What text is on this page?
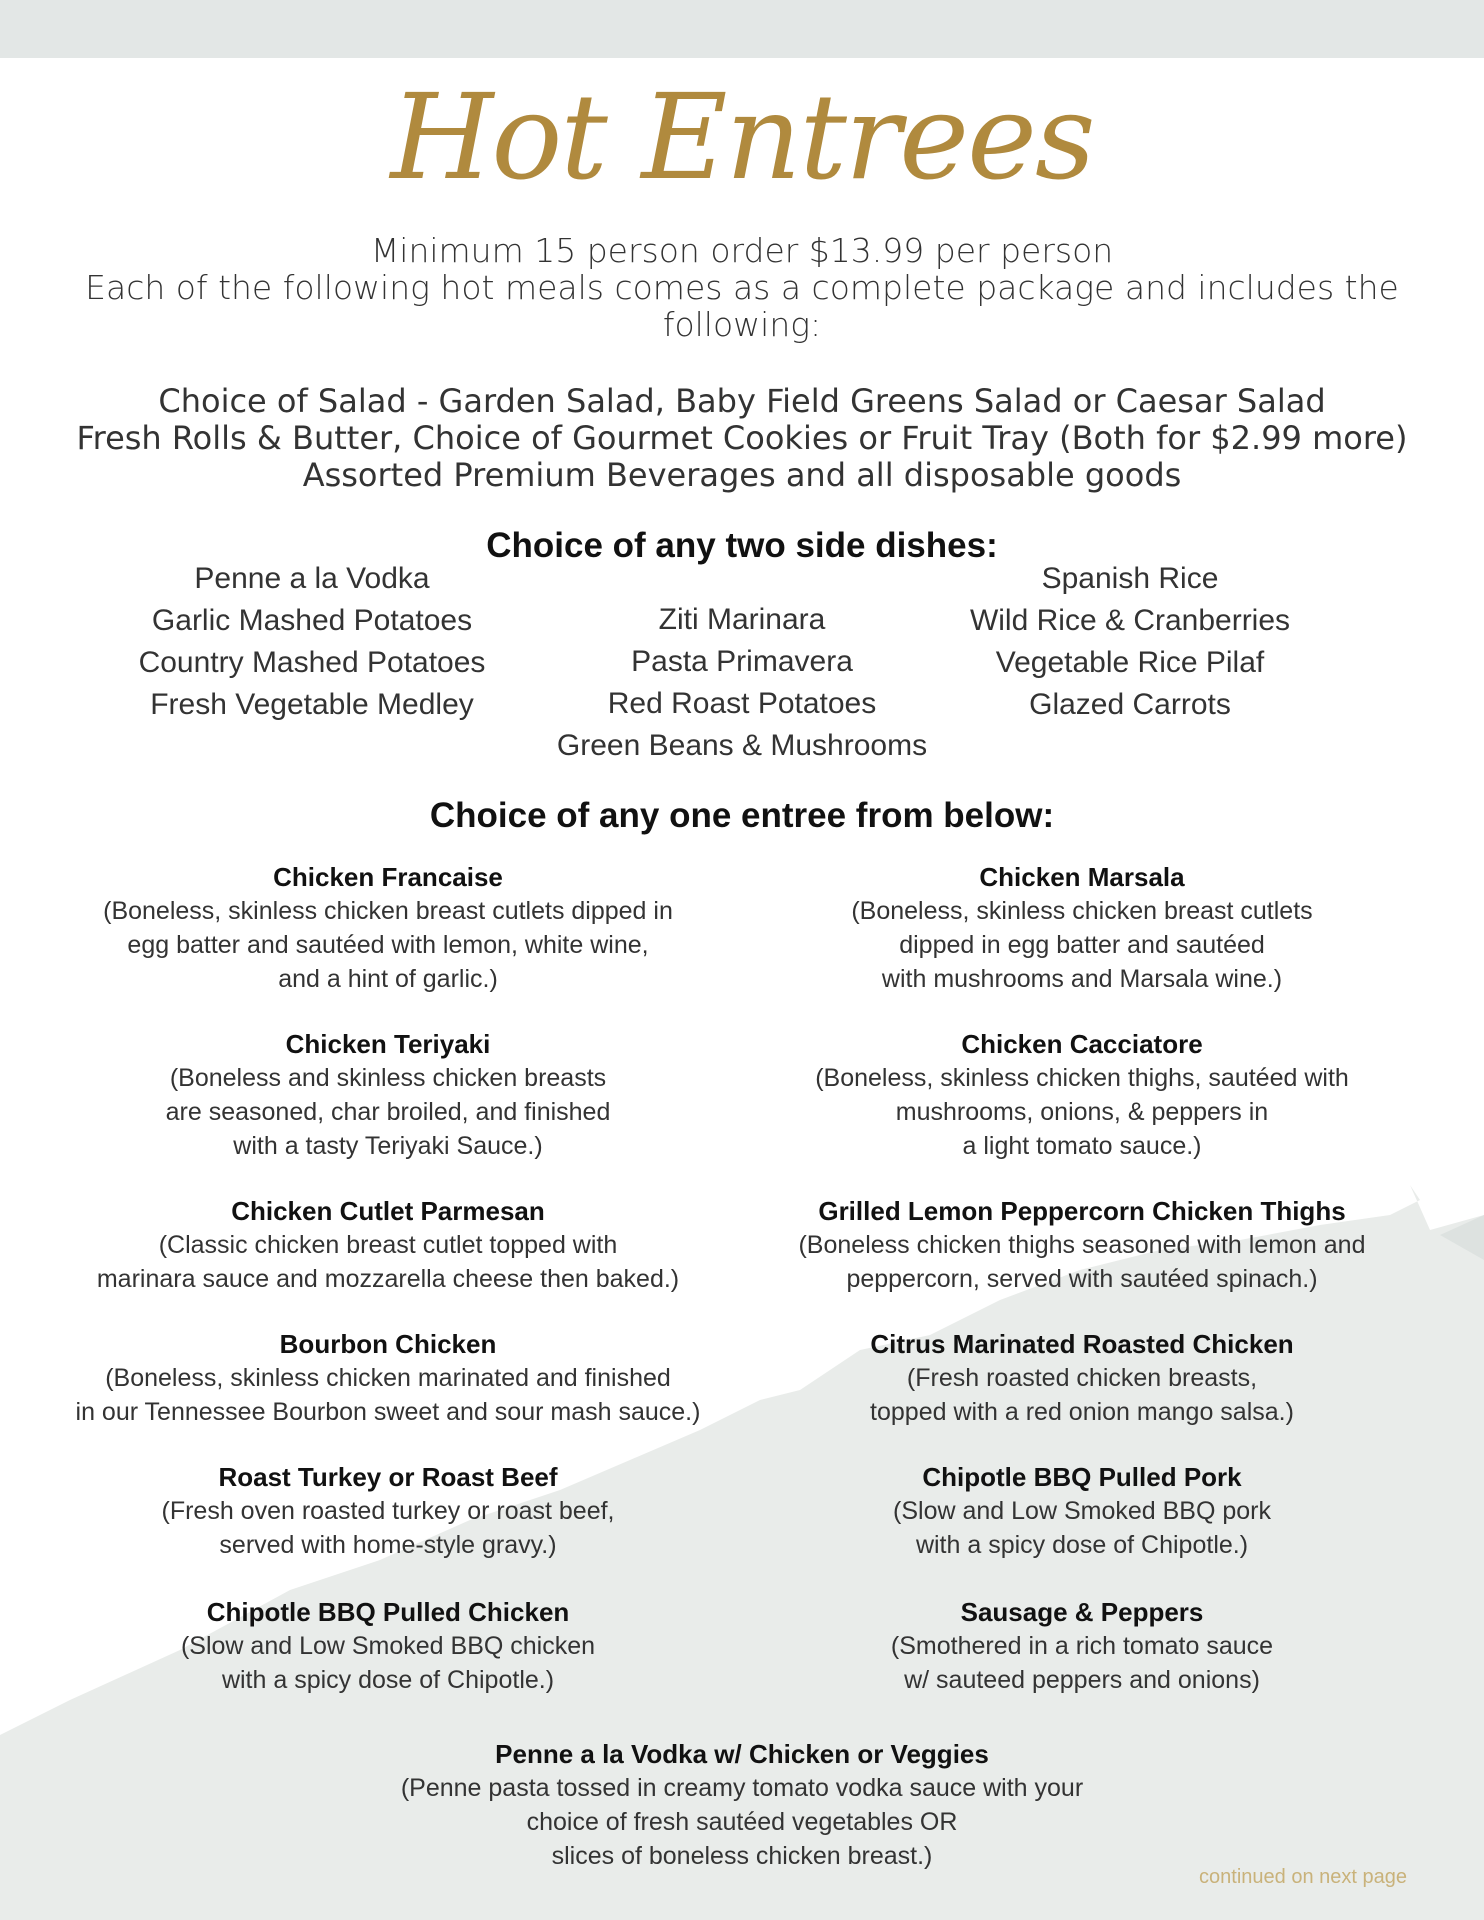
Hot Entrees

Minimum 15 person order $13.99 per person

Each of the following hot meals comes as a complete package and includes the following:

Choice of Salad - Garden Salad, Baby Field Greens Salad or Caesar Salad

Fresh Rolls & Butter, Choice of Gourmet Cookies or Fruit Tray (Both for $2.99 more)

Assorted Premium Beverages and all disposable goods

Choice of any two side dishes:
Penne a la Vodka
Garlic Mashed Potatoes
Country Mashed Potatoes
Fresh Vegetable Medley
Ziti Marinara
Pasta Primavera
Red Roast Potatoes
Green Beans & Mushrooms
Spanish Rice
Wild Rice & Cranberries
Vegetable Rice Pilaf
Glazed Carrots
Choice of any one entree from below:
Chicken Francaise
(Boneless, skinless chicken breast cutlets dipped in
egg batter and sautéed with lemon, white wine,
and a hint of garlic.)
Chicken Teriyaki
(Boneless and skinless chicken breasts
are seasoned, char broiled, and finished
with a tasty Teriyaki Sauce.)
Chicken Cutlet Parmesan
(Classic chicken breast cutlet topped with
marinara sauce and mozzarella cheese then baked.)
Bourbon Chicken
(Boneless, skinless chicken marinated and finished
in our Tennessee Bourbon sweet and sour mash sauce.)
Roast Turkey or Roast Beef
(Fresh oven roasted turkey or roast beef,
served with home-style gravy.)
Chipotle BBQ Pulled Chicken
(Slow and Low Smoked BBQ chicken
with a spicy dose of Chipotle.)
Chicken Marsala
(Boneless, skinless chicken breast cutlets
dipped in egg batter and sautéed
with mushrooms and Marsala wine.)
Chicken Cacciatore
(Boneless, skinless chicken thighs, sautéed with
mushrooms, onions, & peppers in
a light tomato sauce.)
Grilled Lemon Peppercorn Chicken Thighs
(Boneless chicken thighs seasoned with lemon and
peppercorn, served with sautéed spinach.)
Citrus Marinated Roasted Chicken
(Fresh roasted chicken breasts,
topped with a red onion mango salsa.)
Chipotle BBQ Pulled Pork
(Slow and Low Smoked BBQ pork
with a spicy dose of Chipotle.)
Sausage & Peppers
(Smothered in a rich tomato sauce
w/ sauteed peppers and onions)
Penne a la Vodka w/ Chicken or Veggies
(Penne pasta tossed in creamy tomato vodka sauce with your
choice of fresh sautéed vegetables OR
slices of boneless chicken breast.)
continued on next page
